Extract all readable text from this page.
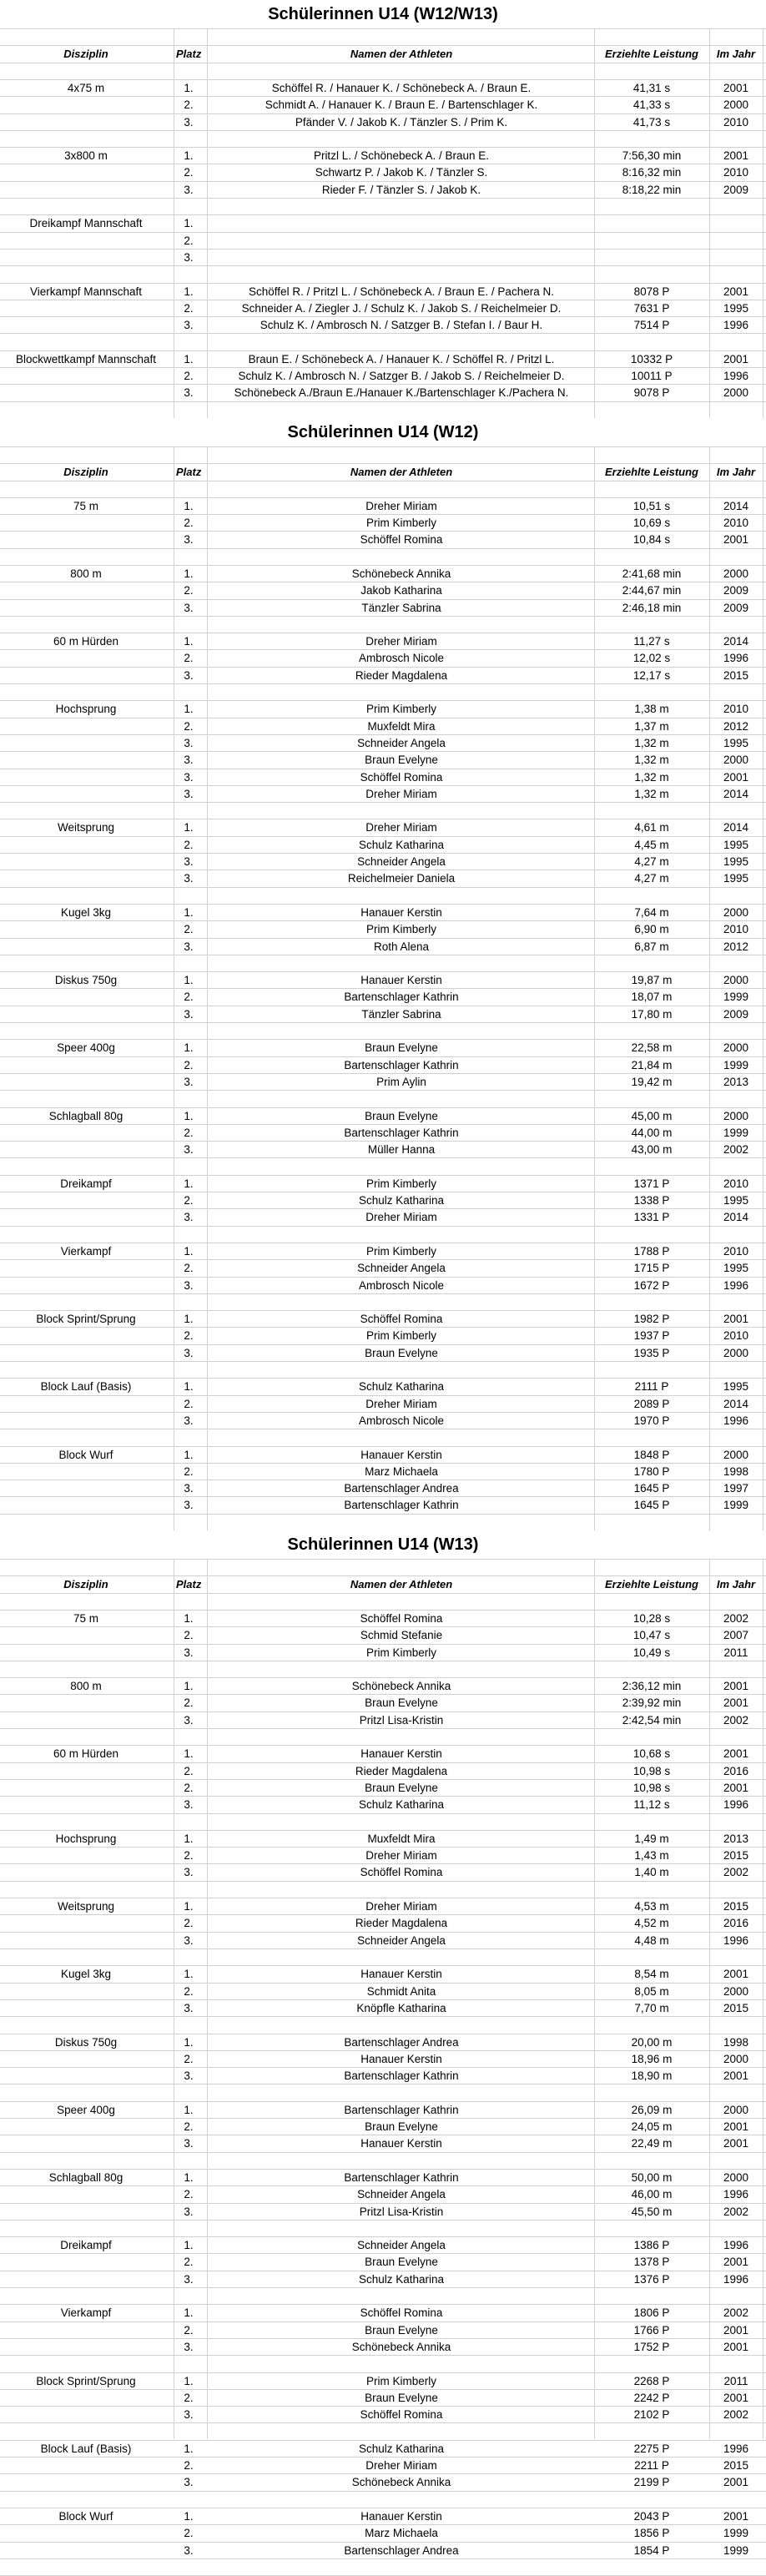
Schülerinnen U14 (W12/W13)
Disziplin	Platz	Namen der Athleten	Erziehlte Leistung	Im Jahr
4x75 m	1.	Schöffel R. / Hanauer K. / Schönebeck A. / Braun E.	41,31 s	2001
2.	Schmidt A. / Hanauer K. / Braun E. / Bartenschlager K.	41,33 s	2000
3.	Pfänder V. / Jakob K. / Tänzler S. / Prim K.	41,73 s	2010
3x800 m	1.	Pritzl L. / Schönebeck A. / Braun E.	7:56,30 min	2001
2.	Schwartz P. / Jakob K. / Tänzler S.	8:16,32 min	2010
3.	Rieder F. / Tänzler S. / Jakob K.	8:18,22 min	2009
Dreikampf Mannschaft	1.
2.
3.
Vierkampf Mannschaft	1.	Schöffel R. / Pritzl L. / Schönebeck A. / Braun E. / Pachera N.	8078 P	2001
2.	Schneider A. / Ziegler J. / Schulz K. / Jakob S. / Reichelmeier D.	7631 P	1995
3.	Schulz K. / Ambrosch N. / Satzger B. / Stefan I. / Baur H.	7514 P	1996
Blockwettkampf Mannschaft	1.	Braun E. / Schönebeck A. / Hanauer K. / Schöffel R. / Pritzl L.	10332 P	2001
2.	Schulz K. / Ambrosch N. / Satzger B. / Jakob S. / Reichelmeier D.	10011 P	1996
3.	Schönebeck A./Braun E./Hanauer K./Bartenschlager K./Pachera N.	9078 P	2000
Schülerinnen U14 (W12)
Disziplin	Platz	Namen der Athleten	Erziehlte Leistung	Im Jahr
75 m	1.	Dreher Miriam	10,51 s	2014
2.	Prim Kimberly	10,69 s	2010
3.	Schöffel Romina	10,84 s	2001
800 m	1.	Schönebeck Annika	2:41,68 min	2000
2.	Jakob Katharina	2:44,67 min	2009
3.	Tänzler Sabrina	2:46,18 min	2009
60 m Hürden	1.	Dreher Miriam	11,27 s	2014
2.	Ambrosch Nicole	12,02 s	1996
3.	Rieder Magdalena	12,17 s	2015
Hochsprung	1.	Prim Kimberly	1,38 m	2010
2.	Muxfeldt Mira	1,37 m	2012
3.	Schneider Angela	1,32 m	1995
3.	Braun Evelyne	1,32 m	2000
3.	Schöffel Romina	1,32 m	2001
3.	Dreher Miriam	1,32 m	2014
Weitsprung	1.	Dreher Miriam	4,61 m	2014
2.	Schulz Katharina	4,45 m	1995
3.	Schneider Angela	4,27 m	1995
3.	Reichelmeier Daniela	4,27 m	1995
Kugel 3kg	1.	Hanauer Kerstin	7,64 m	2000
2.	Prim Kimberly	6,90 m	2010
3.	Roth Alena	6,87 m	2012
Diskus 750g	1.	Hanauer Kerstin	19,87 m	2000
2.	Bartenschlager Kathrin	18,07 m	1999
3.	Tänzler Sabrina	17,80 m	2009
Speer 400g	1.	Braun Evelyne	22,58 m	2000
2.	Bartenschlager Kathrin	21,84 m	1999
3.	Prim Aylin	19,42 m	2013
Schlagball 80g	1.	Braun Evelyne	45,00 m	2000
2.	Bartenschlager Kathrin	44,00 m	1999
3.	Müller Hanna	43,00 m	2002
Dreikampf	1.	Prim Kimberly	1371 P	2010
2.	Schulz Katharina	1338 P	1995
3.	Dreher Miriam	1331 P	2014
Vierkampf	1.	Prim Kimberly	1788 P	2010
2.	Schneider Angela	1715 P	1995
3.	Ambrosch Nicole	1672 P	1996
Block Sprint/Sprung	1.	Schöffel Romina	1982 P	2001
2.	Prim Kimberly	1937 P	2010
3.	Braun Evelyne	1935 P	2000
Block Lauf (Basis)	1.	Schulz Katharina	2111 P	1995
2.	Dreher Miriam	2089 P	2014
3.	Ambrosch Nicole	1970 P	1996
Block Wurf	1.	Hanauer Kerstin	1848 P	2000
2.	Marz Michaela	1780 P	1998
3.	Bartenschlager Andrea	1645 P	1997
3.	Bartenschlager Kathrin	1645 P	1999
Schülerinnen U14 (W13)
Disziplin	Platz	Namen der Athleten	Erziehlte Leistung	Im Jahr
75 m	1.	Schöffel Romina	10,28 s	2002
2.	Schmid Stefanie	10,47 s	2007
3.	Prim Kimberly	10,49 s	2011
800 m	1.	Schönebeck Annika	2:36,12 min	2001
2.	Braun Evelyne	2:39,92 min	2001
3.	Pritzl Lisa-Kristin	2:42,54 min	2002
60 m Hürden	1.	Hanauer Kerstin	10,68 s	2001
2.	Rieder Magdalena	10,98 s	2016
2.	Braun Evelyne	10,98 s	2001
3.	Schulz Katharina	11,12 s	1996
Hochsprung	1.	Muxfeldt Mira	1,49 m	2013
2.	Dreher Miriam	1,43 m	2015
3.	Schöffel Romina	1,40 m	2002
Weitsprung	1.	Dreher Miriam	4,53 m	2015
2.	Rieder Magdalena	4,52 m	2016
3.	Schneider Angela	4,48 m	1996
Kugel 3kg	1.	Hanauer Kerstin	8,54 m	2001
2.	Schmidt Anita	8,05 m	2000
3.	Knöpfle Katharina	7,70 m	2015
Diskus 750g	1.	Bartenschlager Andrea	20,00 m	1998
2.	Hanauer Kerstin	18,96 m	2000
3.	Bartenschlager Kathrin	18,90 m	2001
Speer 400g	1.	Bartenschlager Kathrin	26,09 m	2000
2.	Braun Evelyne	24,05 m	2001
3.	Hanauer Kerstin	22,49 m	2001
Schlagball 80g	1.	Bartenschlager Kathrin	50,00 m	2000
2.	Schneider Angela	46,00 m	1996
3.	Pritzl Lisa-Kristin	45,50 m	2002
Dreikampf	1.	Schneider Angela	1386 P	1996
2.	Braun Evelyne	1378 P	2001
3.	Schulz Katharina	1376 P	1996
Vierkampf	1.	Schöffel Romina	1806 P	2002
2.	Braun Evelyne	1766 P	2001
3.	Schönebeck Annika	1752 P	2001
Block Sprint/Sprung	1.	Prim Kimberly	2268 P	2011
2.	Braun Evelyne	2242 P	2001
3.	Schöffel Romina	2102 P	2002
Block Lauf (Basis)	1.	Schulz Katharina	2275 P	1996
2.	Dreher Miriam	2211 P	2015
3.	Schönebeck Annika	2199 P	2001
Block Wurf	1.	Hanauer Kerstin	2043 P	2001
2.	Marz Michaela	1856 P	1999
3.	Bartenschlager Andrea	1854 P	1999
